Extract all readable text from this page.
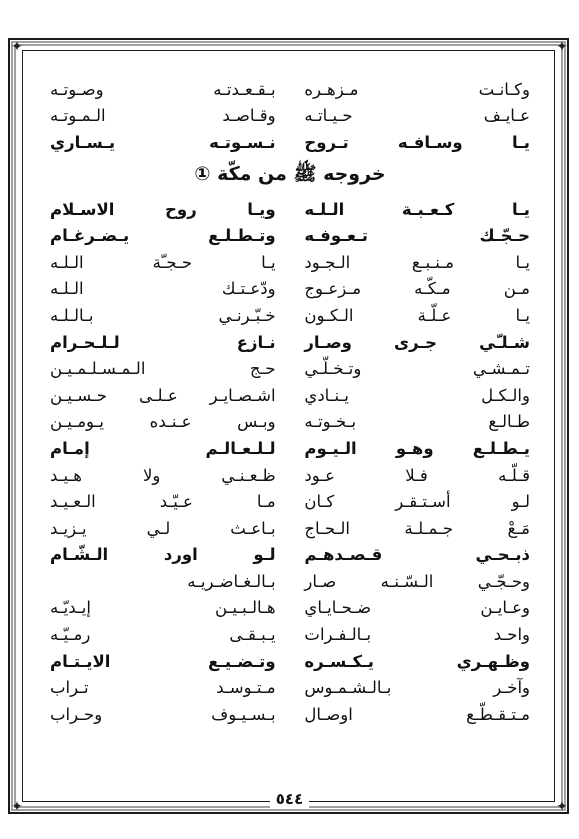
✦	✦
✦	✦
وكـانـت مـزهـره
بـقـعـدتـه وصـوتـه
عـايـف حـيـاتـه
وقـاصـد الـمـوتـه
يـا وسـافـه تـروح
نـسـوتـه يـسـاري
خروجه ﷺ من مكّة ①
يـا كـعـبـة الـلـه
ويـا روح الاسـلام
حـجّـك تـعـوفـه
وتـطـلـع يـضـرغـام
يـا مـنـبـع الـجـود
يـا حـجـّة الـلـه
مـن مـكّـه مـزعـوج
ودّعـتـك الـلـه
يـا عـلّـة الـكـون
خـبّـرنـي بـالـلـه
شـلـّي جـرى وصـار
نـازع لـلـحـرام
تـمـشـي وتـخـلّـي
حـج الـمـسـلـمـيـن
والـكـل يـنـادي
اشـصـايـر عـلـى حـسـيـن
طـالـع بـخـوتـه
وبـس عـنـده يـومـيـن
يـطـلـع وهـو الـيـوم
لـلـعـالـم إمـام
قـلّـه فـلا عـود
ظـعـنـي ولا هـيـد
لـو أسـتـقـر كـان
مـا عـيّـد الـعـيـد
مَـعْ جـمـلـة الـحـاج
بـاعـث لـي يـزيـد
ذبـحـي قـصـدهـم
لـو اورد الـشّـام
وحـجّـي الـسّـنـه صـار
بـالـغـاضـريـه
وعـايـن ضـحـايـاي
هـالـبـيـن إيـديّـه
واحـد بـالـفـرات
يـبـقـى رمـيّـه
وظـهـري يـكـسـره
وتـضـيـع الايـتـام
وآخـر بـالـشـمـوس
مـتـوسـد تـراب
مـتـقـطّـع اوصـال
بـسـيـوف وحـراب
٥٤٤
